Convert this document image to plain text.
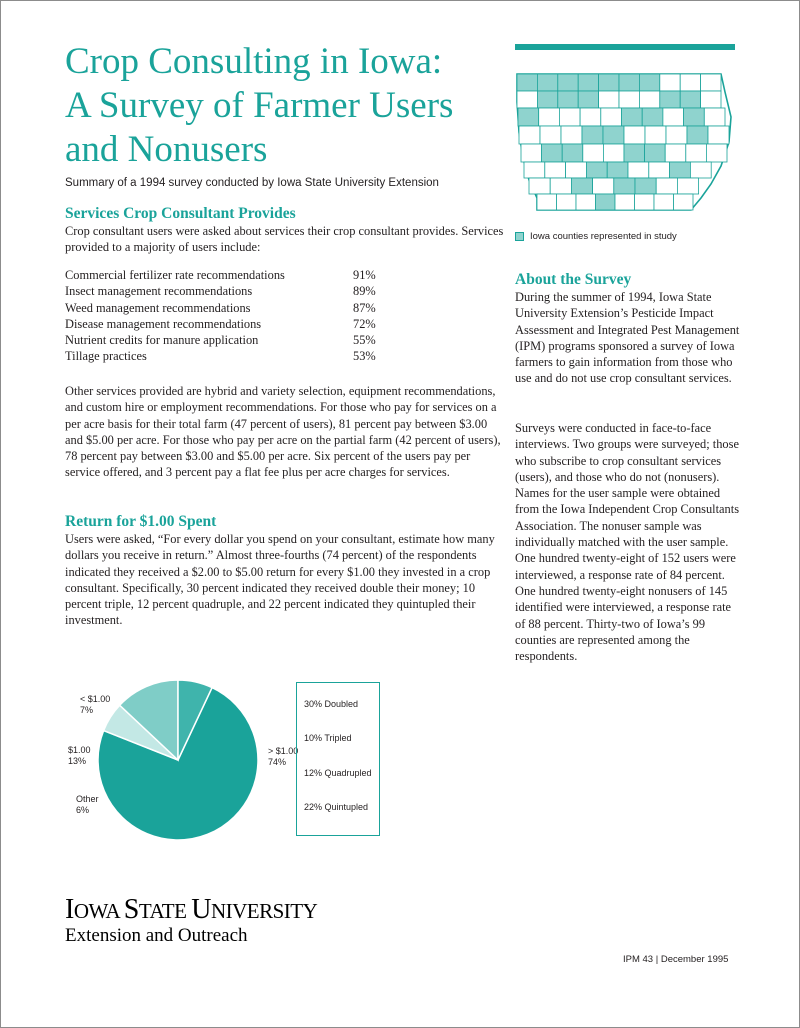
Crop Consulting in Iowa:
A Survey of Farmer Users
and Nonusers
Summary of a 1994 survey conducted by Iowa State University Extension
Services Crop Consultant Provides

Crop consultant users were asked about services their crop consultant provides. Services provided to a majority of users include:

Commercial fertilizer rate recommendations	91%
Insect management recommendations	89%
Weed management recommendations	87%
Disease management recommendations	72%
Nutrient credits for manure application	55%
Tillage practices	53%

Other services provided are hybrid and variety selection, equipment recommendations, and custom hire or employment recommendations. For those who pay for services on a per acre basis for their total farm (47 percent of users), 81 percent pay between $3.00 and $5.00 per acre. For those who pay per acre on the partial farm (42 percent of users), 78 percent pay between $3.00 and $5.00 per acre. Six percent of the users pay per service offered, and 3 percent pay a flat fee plus per acre charges for services.

Return for $1.00 Spent

Users were asked, “For every dollar you spend on your consultant, estimate how many dollars you receive in return.” Almost three-fourths (74 percent) of the respondents indicated they received a $2.00 to $5.00 return for every $1.00 they invested in a crop consultant. Specifically, 30 percent indicated they received double their money; 10 percent triple, 12 percent quadruple, and 22 percent indicated they quintupled their investment.

> $1.00
74%
Other
6%
$1.00
13%
< $1.00
7%
30% Doubled
10% Tripled
12% Quadrupled
22% Quintupled
Iowa counties represented in study
About the Survey

During the summer of 1994, Iowa State University Extension’s Pesticide Impact Assessment and Integrated Pest Management (IPM) programs sponsored a survey of Iowa farmers to gain information from those who use and do not use crop consultant services.

Surveys were conducted in face-to-face interviews. Two groups were surveyed; those who subscribe to crop consultant services (users), and those who do not (nonusers). Names for the user sample were obtained from the Iowa Independent Crop Consultants Association. The nonuser sample was individually matched with the user sample. One hundred twenty-eight of 152 users were interviewed, a response rate of 84 percent. One hundred twenty-eight nonusers of 145 identified were interviewed, a response rate of 88 percent. Thirty-two of Iowa’s 99 counties are represented among the respondents.

IOWA STATE UNIVERSITY
Extension and Outreach
IPM 43 | December 1995
